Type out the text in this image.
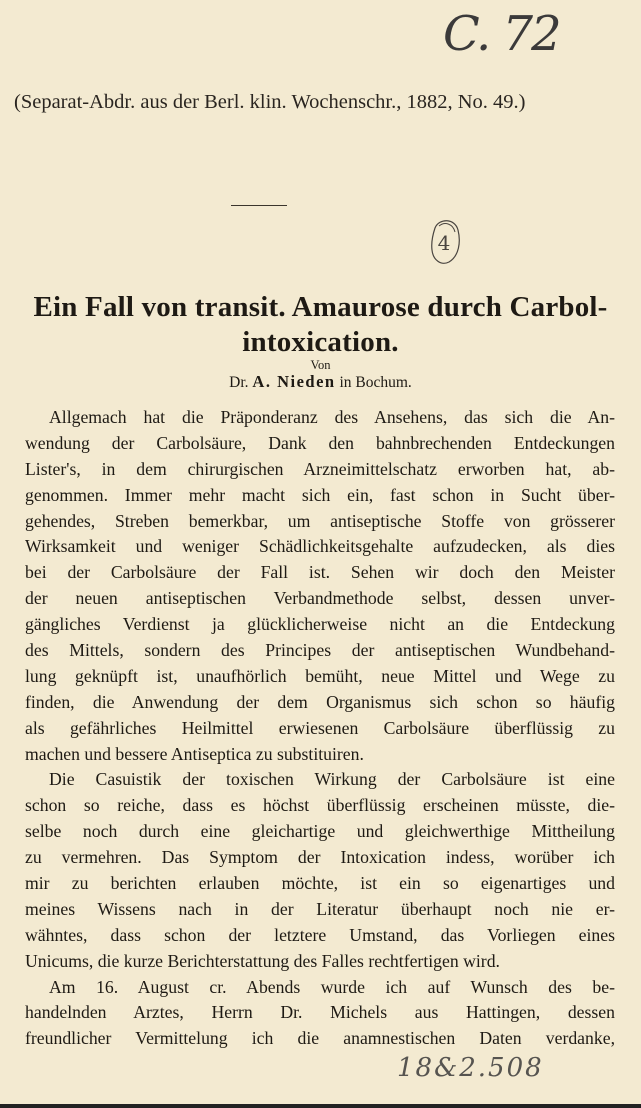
C. 72
(Separat-Abdr. aus der Berl. klin. Wochenschr., 1882, No. 49.)
4
Ein Fall von transit. Amaurose durch Carbol-
intoxication.
Von
Dr. A. Nieden in Bochum.
Allgemach hat die Präponderanz des Ansehens, das sich die An-
wendung der Carbolsäure, Dank den bahnbrechenden Entdeckungen
Lister's, in dem chirurgischen Arzneimittelschatz erworben hat, ab-
genommen. Immer mehr macht sich ein, fast schon in Sucht über-
gehendes, Streben bemerkbar, um antiseptische Stoffe von grösserer
Wirksamkeit und weniger Schädlichkeitsgehalte aufzudecken, als dies
bei der Carbolsäure der Fall ist. Sehen wir doch den Meister
der neuen antiseptischen Verbandmethode selbst, dessen unver-
gängliches Verdienst ja glücklicherweise nicht an die Entdeckung
des Mittels, sondern des Principes der antiseptischen Wundbehand-
lung geknüpft ist, unaufhörlich bemüht, neue Mittel und Wege zu
finden, die Anwendung der dem Organismus sich schon so häufig
als gefährliches Heilmittel erwiesenen Carbolsäure überflüssig zu
machen und bessere Antiseptica zu substituiren.
Die Casuistik der toxischen Wirkung der Carbolsäure ist eine
schon so reiche, dass es höchst überflüssig erscheinen müsste, die-
selbe noch durch eine gleichartige und gleichwerthige Mittheilung
zu vermehren. Das Symptom der Intoxication indess, worüber ich
mir zu berichten erlauben möchte, ist ein so eigenartiges und
meines Wissens nach in der Literatur überhaupt noch nie er-
wähntes, dass schon der letztere Umstand, das Vorliegen eines
Unicums, die kurze Berichterstattung des Falles rechtfertigen wird.
Am 16. August cr. Abends wurde ich auf Wunsch des be-
handelnden Arztes, Herrn Dr. Michels aus Hattingen, dessen
freundlicher Vermittelung ich die anamnestischen Daten verdanke,
18&2.508
